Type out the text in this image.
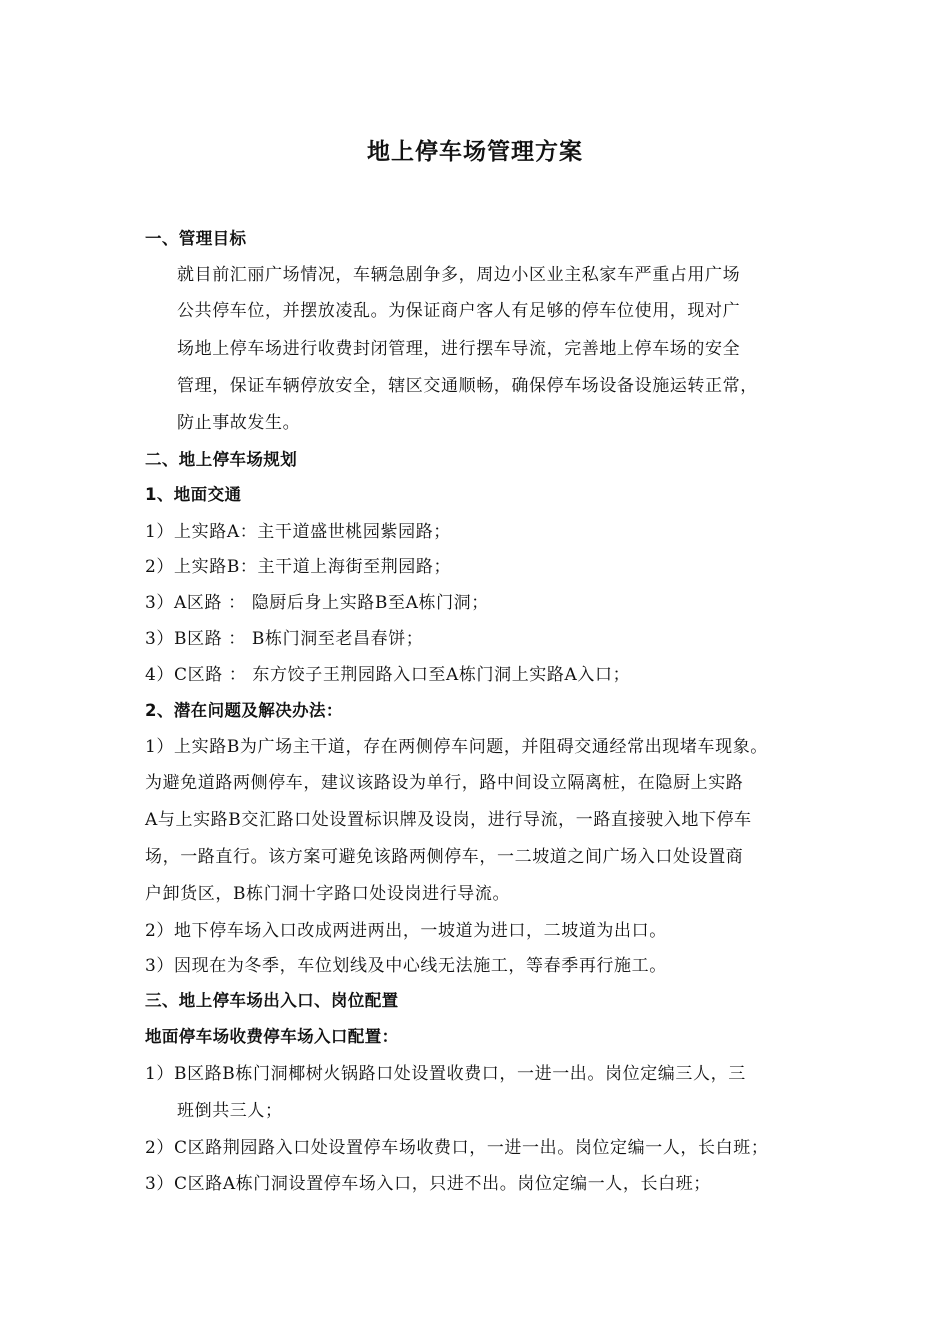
地上停车场管理方案
一、管理目标
就目前汇丽广场情况，车辆急剧争多，周边小区业主私家车严重占用广场
公共停车位，并摆放凌乱。为保证商户客人有足够的停车位使用，现对广
场地上停车场进行收费封闭管理，进行摆车导流，完善地上停车场的安全
管理，保证车辆停放安全，辖区交通顺畅，确保停车场设备设施运转正常，
防止事故发生。
二、地上停车场规划
1、地面交通
1）上实路A：主干道盛世桃园紫园路；
2）上实路B：主干道上海街至荆园路；
3）A区路 ： 隐厨后身上实路B至A栋门洞；
3）B区路 ： B栋门洞至老昌春饼；
4）C区路 ： 东方饺子王荆园路入口至A栋门洞上实路A入口；
2、潜在问题及解决办法：
1）上实路B为广场主干道，存在两侧停车问题，并阻碍交通经常出现堵车现象。
为避免道路两侧停车，建议该路设为单行，路中间设立隔离桩，在隐厨上实路
A与上实路B交汇路口处设置标识牌及设岗，进行导流，一路直接驶入地下停车
场，一路直行。该方案可避免该路两侧停车，一二坡道之间广场入口处设置商
户卸货区，B栋门洞十字路口处设岗进行导流。
2）地下停车场入口改成两进两出，一坡道为进口，二坡道为出口。
3）因现在为冬季，车位划线及中心线无法施工，等春季再行施工。
三、地上停车场出入口、岗位配置
地面停车场收费停车场入口配置：
1）B区路B栋门洞椰树火锅路口处设置收费口，一进一出。岗位定编三人，三
班倒共三人；
2）C区路荆园路入口处设置停车场收费口，一进一出。岗位定编一人，长白班；
3）C区路A栋门洞设置停车场入口，只进不出。岗位定编一人，长白班；
